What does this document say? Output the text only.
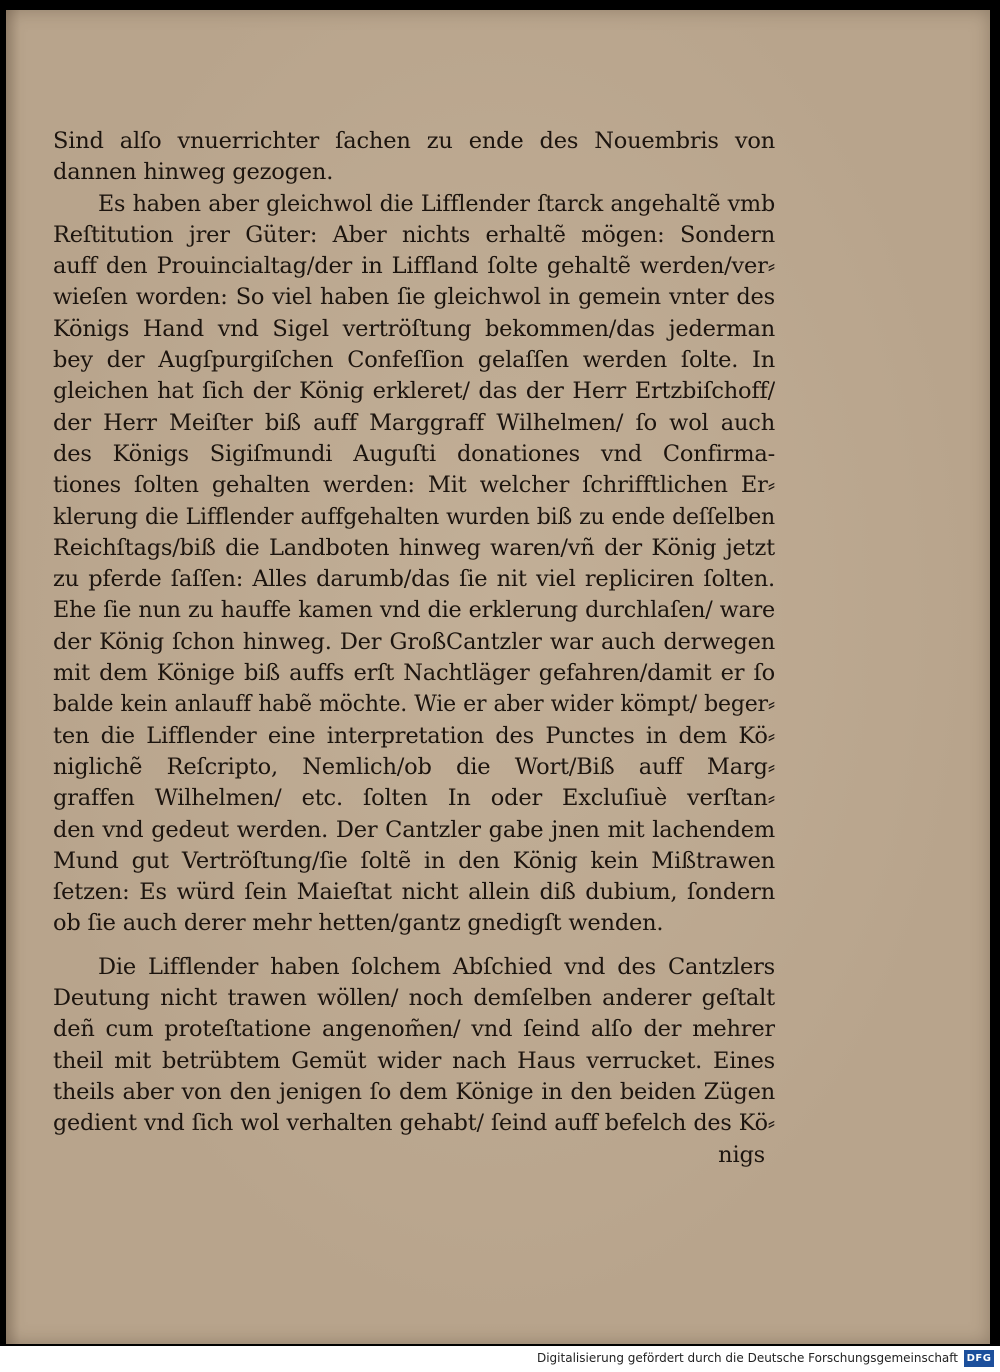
Sind alſo vnuerrichter ſachen zu ende des Nouembris von
dannen hinweg gezogen.
Es haben aber gleichwol die Lifflender ſtarck angehaltẽ vmb
Reſtitution jrer Güter: Aber nichts erhaltẽ mögen: Sondern
auff den Prouincialtag/der in Liffland ſolte gehaltẽ werden/ver⸗
wieſen worden: So viel haben ſie gleichwol in gemein vnter des
Königs Hand vnd Sigel vertröſtung bekommen/das jederman
bey der Augſpurgiſchen Confeſſion gelaſſen werden ſolte. In
gleichen hat ſich der König erkleret/ das der Herr Ertzbiſchoff/
der Herr Meiſter biß auff Marggraff Wilhelmen/ ſo wol auch
des Königs Sigiſmundi Auguſti donationes vnd Confirma-
tiones ſolten gehalten werden: Mit welcher ſchrifftlichen Er⸗
klerung die Lifflender auffgehalten wurden biß zu ende deſſelben
Reichſtags/biß die Landboten hinweg waren/vñ der König jetzt
zu pferde ſaſſen: Alles darumb/das ſie nit viel repliciren ſolten.
Ehe ſie nun zu hauffe kamen vnd die erklerung durchlaſen/ ware
der König ſchon hinweg. Der GroßCantzler war auch derwegen
mit dem Könige biß auffs erſt Nachtläger gefahren/damit er ſo
balde kein anlauff habẽ möchte. Wie er aber wider kömpt/ beger⸗
ten die Lifflender eine interpretation des Punctes in dem Kö⸗
niglichẽ Reſcripto, Nemlich/ob die Wort/Biß auff Marg⸗
graffen Wilhelmen/ etc. ſolten In oder Excluſiuè verſtan⸗
den vnd gedeut werden. Der Cantzler gabe jnen mit lachendem
Mund gut Vertröſtung/ſie ſoltẽ in den König kein Mißtrawen
ſetzen: Es würd ſein Maieſtat nicht allein diß dubium, ſondern
ob ſie auch derer mehr hetten/gantz gnedigſt wenden.
Die Lifflender haben ſolchem Abſchied vnd des Cantzlers
Deutung nicht trawen wöllen/ noch demſelben anderer geſtalt
deñ cum proteſtatione angenom̃en/ vnd ſeind alſo der mehrer
theil mit betrübtem Gemüt wider nach Haus verrucket. Eines
theils aber von den jenigen ſo dem Könige in den beiden Zügen
gedient vnd ſich wol verhalten gehabt/ ſeind auff befelch des Kö⸗
nigs
Digitalisierung gefördert durch die Deutsche Forschungsgemeinschaft DFG
